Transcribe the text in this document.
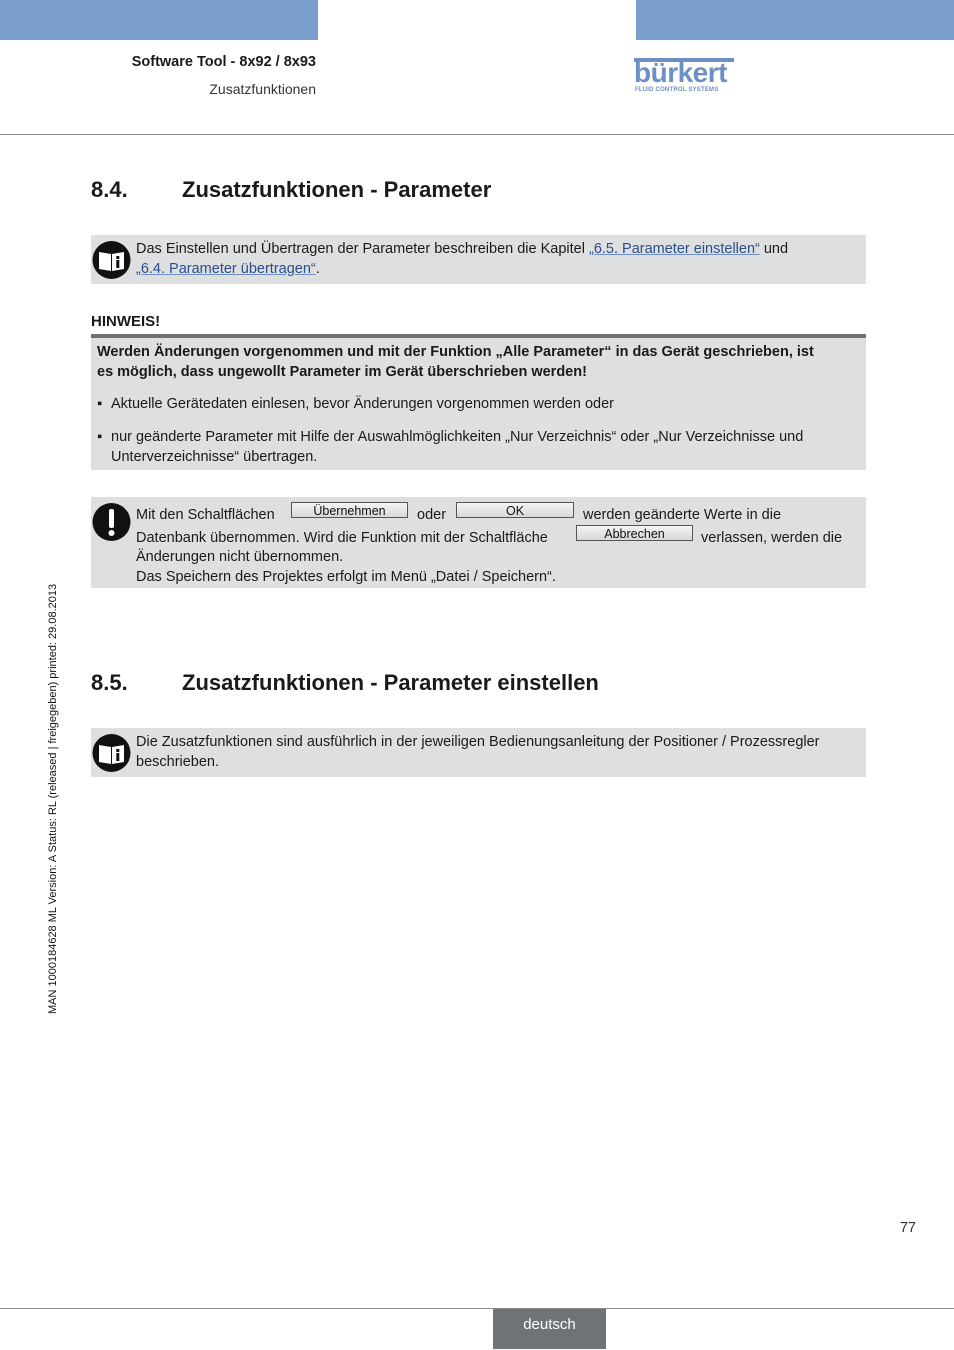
Software Tool - 8x92 / 8x93
Zusatzfunktionen
bürkert
FLUID CONTROL SYSTEMS
8.4. Zusatzfunktionen - Parameter
Das Einstellen und Übertragen der Parameter beschreiben die Kapitel „6.5. Parameter einstellen“ und
„6.4. Parameter übertragen“.
HINWEIS!
Werden Änderungen vorgenommen und mit der Funktion „Alle Parameter“ in das Gerät geschrieben, ist
es möglich, dass ungewollt Parameter im Gerät überschrieben werden!
▪ Aktuelle Gerätedaten einlesen, bevor Änderungen vorgenommen werden oder
▪ nur geänderte Parameter mit Hilfe der Auswahlmöglichkeiten „Nur Verzeichnis“ oder „Nur Verzeichnisse und
Unterverzeichnisse“ übertragen.
Mit den Schaltflächen	Übernehmen	oder	OK	werden geänderte Werte in die
Datenbank übernommen. Wird die Funktion mit der Schaltfläche	Abbrechen	verlassen, werden die
Änderungen nicht übernommen.
Das Speichern des Projektes erfolgt im Menü „Datei / Speichern“.
8.5. Zusatzfunktionen - Parameter einstellen
Die Zusatzfunktionen sind ausführlich in der jeweiligen Bedienungsanleitung der Positioner / Prozessregler
beschrieben.
MAN 1000184628 ML Version: A Status: RL (released | freigegeben) printed: 29.08.2013
77
deutsch
